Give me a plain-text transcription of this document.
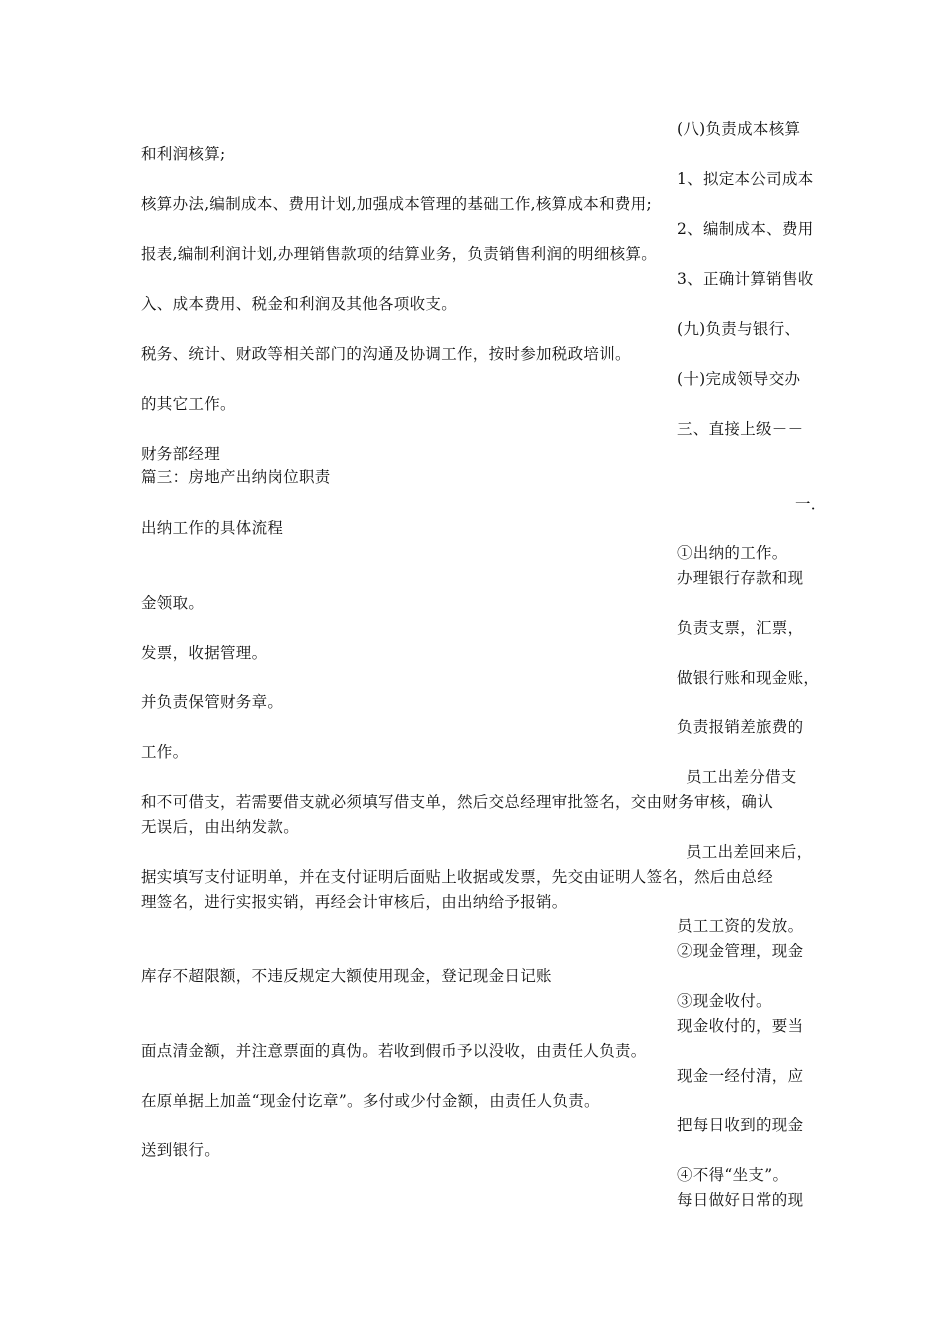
(八)负责成本核算
和利润核算;
1、拟定本公司成本
核算办法,编制成本、费用计划,加强成本管理的基础工作,核算成本和费用;
2、编制成本、费用
报表,编制利润计划,办理销售款项的结算业务，负责销售利润的明细核算。
3、正确计算销售收
入、成本费用、税金和利润及其他各项收支。
(九)负责与银行、
税务、统计、财政等相关部门的沟通及协调工作，按时参加税政培训。
(十)完成领导交办
的其它工作。
三、直接上级－－
财务部经理
篇三：房地产出纳岗位职责
一．
出纳工作的具体流程
①出纳的工作。
办理银行存款和现
金领取。
负责支票，汇票，
发票，收据管理。
做银行账和现金账，
并负责保管财务章。
负责报销差旅费的
工作。
员工出差分借支
和不可借支，若需要借支就必须填写借支单，然后交总经理审批签名，交由财务审核，确认
无误后，由出纳发款。
员工出差回来后，
据实填写支付证明单，并在支付证明后面贴上收据或发票，先交由证明人签名，然后由总经
理签名，进行实报实销，再经会计审核后，由出纳给予报销。
员工工资的发放。
②现金管理，现金
库存不超限额，不违反规定大额使用现金，登记现金日记账
③现金收付。
现金收付的，要当
面点清金额，并注意票面的真伪。若收到假币予以没收，由责任人负责。
现金一经付清，应
在原单据上加盖“现金付讫章”。多付或少付金额，由责任人负责。
把每日收到的现金
送到银行。
④不得“坐支”。
每日做好日常的现
